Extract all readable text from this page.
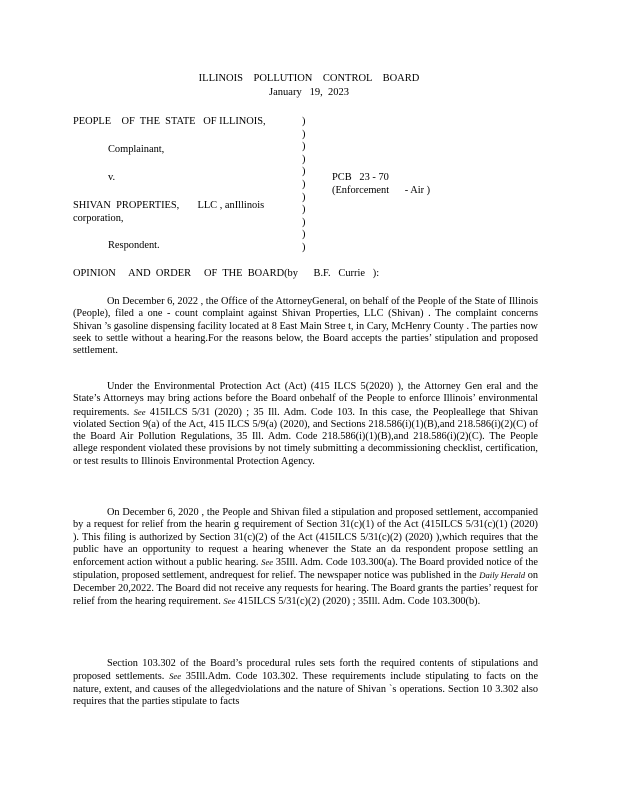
ILLINOIS    POLLUTION    CONTROL    BOARD
January   19,  2023
PEOPLE    OF  THE  STATE   OF ILLINOIS,
Complainant,
v.	PCB   23 - 70
(Enforcement      - Air )
SHIVAN  PROPERTIES,       LLC , anIllinois
corporation,
Respondent.
)
)
)
)
)
)
)
)
)
)
)
OPINION     AND  ORDER     OF  THE  BOARD(by      B.F.   Currie   ):
On December 6, 2022 , the Office of the AttorneyGeneral, on behalf of the People of the State of Illinois (People), filed a one - count complaint against Shivan Properties, LLC (Shivan) . The complaint concerns Shivan ’s gasoline dispensing facility located at 8 East Main Stree t, in Cary, McHenry County . The parties now seek to settle without a hearing.For the reasons below, the Board accepts the parties’ stipulation and proposed settlement.
Under the Environmental Protection Act (Act) (415 ILCS 5(2020) ), the Attorney Gen eral and the State’s Attorneys may bring actions before the Board onbehalf of the People to enforce Illinois’ environmental requirements. See 415ILCS 5/31 (2020) ; 35 Ill. Adm. Code 103. In this case, the Peopleallege that Shivan violated Section 9(a) of the Act, 415 ILCS 5/9(a) (2020), and Sections 218.586(i)(1)(B),and 218.586(i)(2)(C) of the Board Air Pollution Regulations, 35 Ill. Adm. Code 218.586(i)(1)(B),and 218.586(i)(2)(C). The People allege respondent violated these provisions by not timely submitting a decommissioning checklist, certification, or test results to Illinois Environmental Protection Agency.
On December 6, 2020 , the People and Shivan filed a stipulation and proposed settlement, accompanied by a request for relief from the hearin g requirement of Section 31(c)(1) of the Act (415ILCS 5/31(c)(1) (2020) ). This filing is authorized by Section 31(c)(2) of the Act (415ILCS 5/31(c)(2) (2020) ),which requires that the public have an opportunity to request a hearing whenever the State an da respondent propose settling an enforcement action without a public hearing. See 35Ill. Adm. Code 103.300(a). The Board provided notice of the stipulation, proposed settlement, andrequest for relief. The newspaper notice was published in the Daily Herald on December 20,2022. The Board did not receive any requests for hearing. The Board grants the parties’ request for relief from the hearing requirement. See 415ILCS 5/31(c)(2) (2020) ; 35Ill. Adm. Code 103.300(b).
Section 103.302 of the Board’s procedural rules sets forth the required contents of stipulations and proposed settlements. See 35Ill.Adm. Code 103.302. These requirements include stipulating to facts on the nature, extent, and causes of the allegedviolations and the nature of Shivan `s operations. Section 10 3.302 also requires that the parties stipulate to facts
